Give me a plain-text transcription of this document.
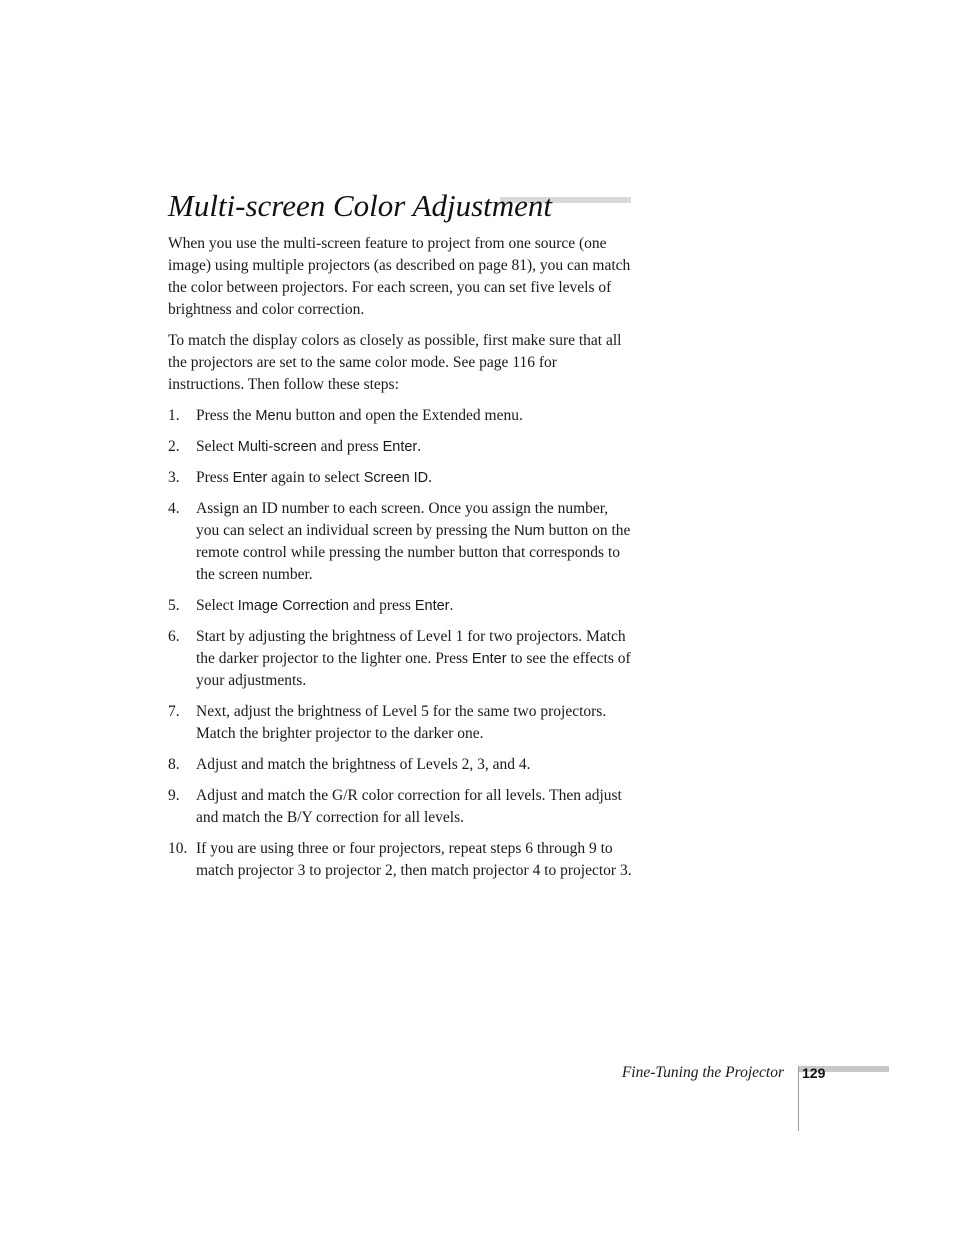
Multi-screen Color Adjustment

When you use the multi-screen feature to project from one source (one image) using multiple projectors (as described on page 81), you can match the color between projectors. For each screen, you can set five levels of brightness and color correction.

To match the display colors as closely as possible, first make sure that all the projectors are set to the same color mode. See page 116 for instructions. Then follow these steps:

1. Press the Menu button and open the Extended menu.
2. Select Multi-screen and press Enter.
3. Press Enter again to select Screen ID.
4. Assign an ID number to each screen. Once you assign the number, you can select an individual screen by pressing the Num button on the remote control while pressing the number button that corresponds to the screen number.
5. Select Image Correction and press Enter.
6. Start by adjusting the brightness of Level 1 for two projectors. Match the darker projector to the lighter one. Press Enter to see the effects of your adjustments.
7. Next, adjust the brightness of Level 5 for the same two projectors. Match the brighter projector to the darker one.
8. Adjust and match the brightness of Levels 2, 3, and 4.
9. Adjust and match the G/R color correction for all levels. Then adjust and match the B/Y correction for all levels.
10. If you are using three or four projectors, repeat steps 6 through 9 to match projector 3 to projector 2, then match projector 4 to projector 3.
Fine-Tuning the Projector 129
